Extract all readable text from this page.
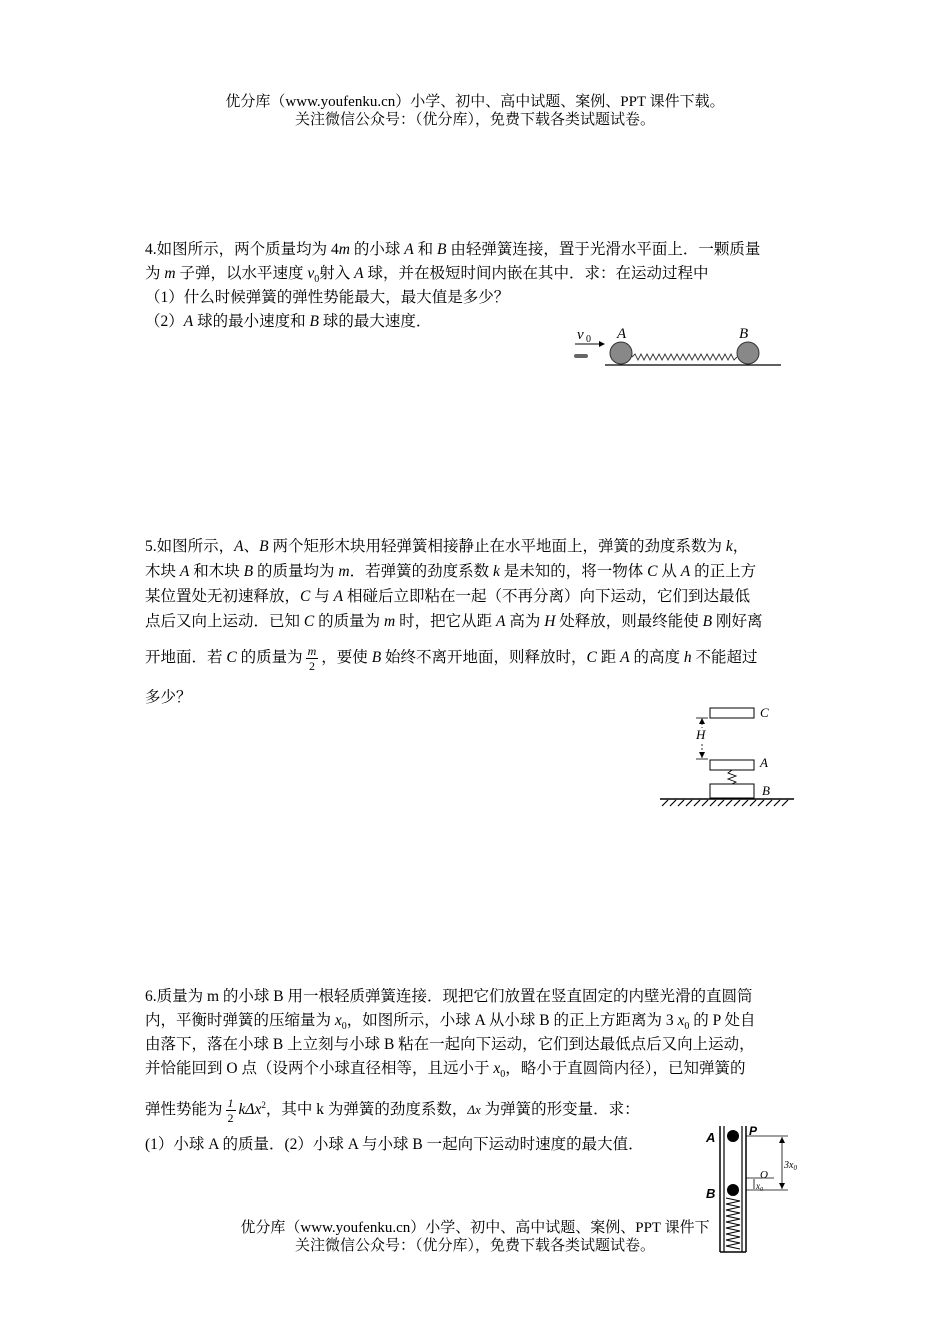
优分库（www.youfenku.cn）小学、初中、高中试题、案例、PPT 课件下载。
关注微信公众号：（优分库），免费下载各类试题试卷。
4.如图所示，两个质量均为 4m 的小球 A 和 B 由轻弹簧连接，置于光滑水平面上．一颗质量
为 m 子弹，以水平速度 $v_0$射入 A 球，并在极短时间内嵌在其中．求：在运动过程中
（1）什么时候弹簧的弹性势能最大，最大值是多少？
（2）A 球的最小速度和 B 球的最大速度．
v 0 A	B
5.如图所示，A、B 两个矩形木块用轻弹簧相接静止在水平地面上，弹簧的劲度系数为 k，
木块 A 和木块 B 的质量均为 m．若弹簧的劲度系数 k 是未知的，将一物体 C 从 A 的正上方
某位置处无初速释放，C 与 A 相碰后立即粘在一起（不再分离）向下运动，它们到达最低
点后又向上运动．已知 C 的质量为 m 时，把它从距 A 高为 H 处释放，则最终能使 B 刚好离
开地面．若 C 的质量为 $\frac{m}{2}$ ，要使 B 始终不离开地面，则释放时，C 距 A 的高度 h 不能超过
多少？
C
H
A
B
6.质量为 m 的小球 B 用一根轻质弹簧连接．现把它们放置在竖直固定的内壁光滑的直圆筒
内，平衡时弹簧的压缩量为 $x_0$，如图所示，小球 A 从小球 B 的正上方距离为 3 $x_0$ 的 P 处自
由落下，落在小球 B 上立刻与小球 B 粘在一起向下运动，它们到达最低点后又向上运动，
并恰能回到 O 点（设两个小球直径相等，且远小于 $x_0$，略小于直圆筒内径），已知弹簧的
弹性势能为 $\frac{1}{2} k\Delta x^2$，其中 k 为弹簧的劲度系数，Δx 为弹簧的形变量．求：
(1）小球 A 的质量．(2）小球 A 与小球 B 一起向下运动时速度的最大值．	A
B
P
O
$3x_0$
$x_0$
优分库（www.youfenku.cn）小学、初中、高中试题、案例、PPT 课件下
关注微信公众号：（优分库），免费下载各类试题试卷。
